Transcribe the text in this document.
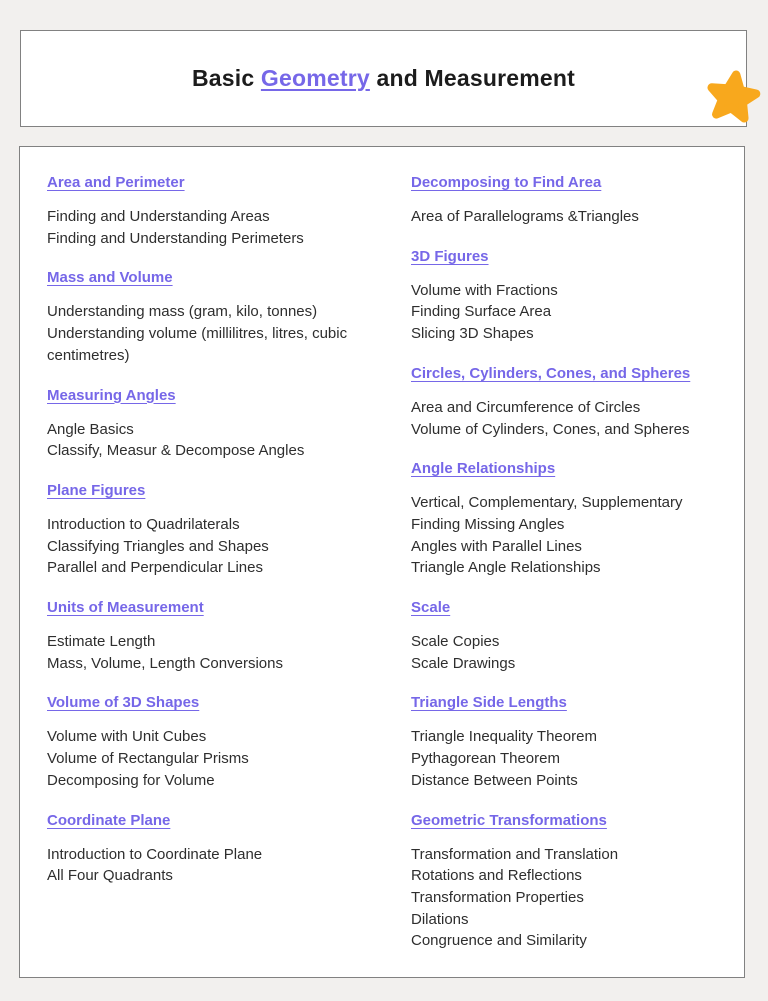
Basic Geometry and Measurement
Area and Perimeter
Finding and Understanding Areas
Finding and Understanding Perimeters
Mass and Volume
Understanding mass (gram, kilo, tonnes)
Understanding volume (millilitres, litres, cubic centimetres)
Measuring Angles
Angle Basics
Classify, Measur & Decompose Angles
Plane Figures
Introduction to Quadrilaterals
Classifying Triangles and Shapes
Parallel and Perpendicular Lines
Units of Measurement
Estimate Length
Mass, Volume, Length Conversions
Volume of 3D Shapes
Volume with Unit Cubes
Volume of Rectangular Prisms
Decomposing for Volume
Coordinate Plane
Introduction to Coordinate Plane
All Four Quadrants
Decomposing to Find Area
Area of Parallelograms &Triangles
3D Figures
Volume with Fractions
Finding Surface Area
Slicing 3D Shapes
Circles, Cylinders, Cones, and Spheres
Area and Circumference of Circles
Volume of Cylinders, Cones, and Spheres
Angle Relationships
Vertical, Complementary, Supplementary
Finding Missing Angles
Angles with Parallel Lines
Triangle Angle Relationships
Scale
Scale Copies
Scale Drawings
Triangle Side Lengths
Triangle Inequality Theorem
Pythagorean Theorem
Distance Between Points
Geometric Transformations
Transformation and Translation
Rotations and Reflections
Transformation Properties
Dilations
Congruence and Similarity
